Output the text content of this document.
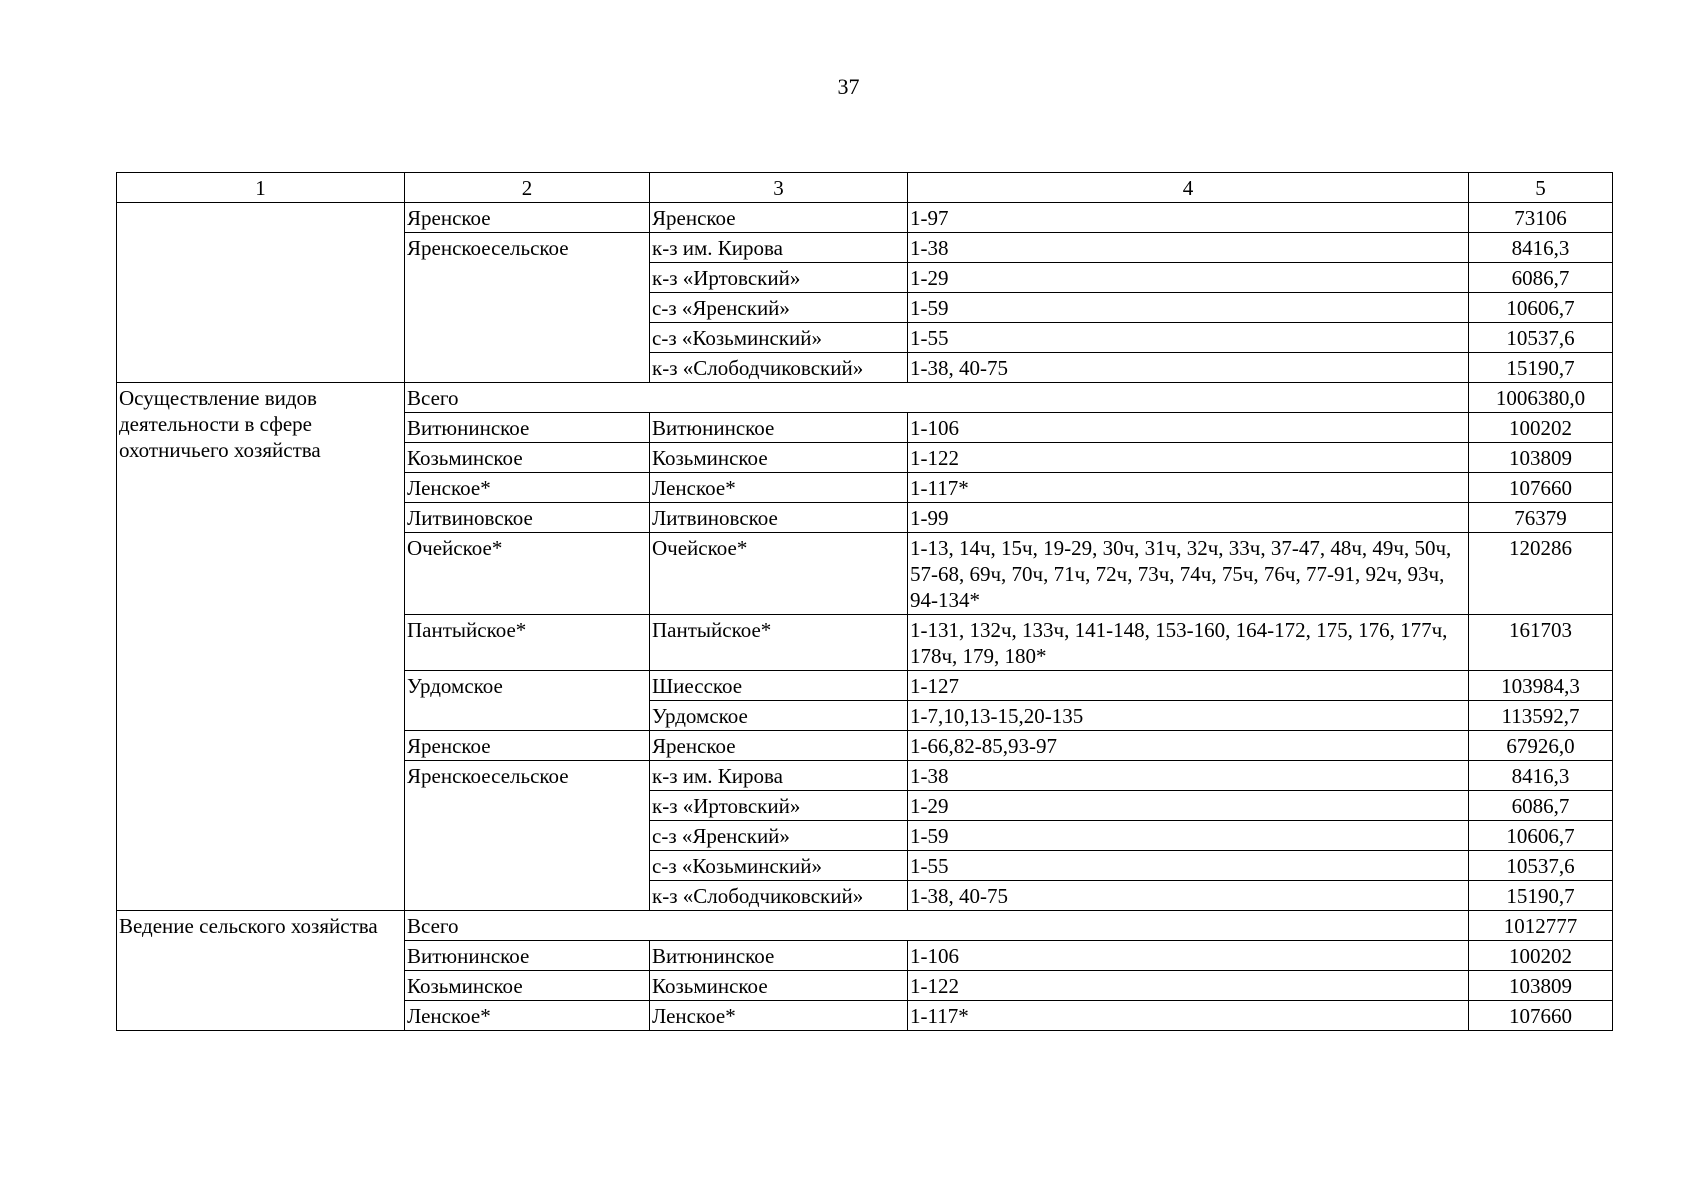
37
1	2	3	4	5
	Яренское	Яренское	1-97	73106
	Яренскоесельское	к-з им. Кирова	1-38	8416,3
		к-з «Иртовский»	1-29	6086,7
		с-з «Яренский»	1-59	10606,7
		с-з «Козьминский»	1-55	10537,6
		к-з «Слободчиковский»	1-38, 40-75	15190,7
Осуществление видов деятельности в сфере охотничьего хозяйства	Всего			1006380,0
	Витюнинское	Витюнинское	1-106	100202
	Козьминское	Козьминское	1-122	103809
	Ленское*	Ленское*	1-117*	107660
	Литвиновское	Литвиновское	1-99	76379
	Очейское*	Очейское*	1-13, 14ч, 15ч, 19-29, 30ч, 31ч, 32ч, 33ч, 37-47, 48ч, 49ч, 50ч, 57-68, 69ч, 70ч, 71ч, 72ч, 73ч, 74ч, 75ч, 76ч, 77-91, 92ч, 93ч, 94-134*	120286
	Пантыйское*	Пантыйское*	1-131, 132ч, 133ч, 141-148, 153-160, 164-172, 175, 176, 177ч, 178ч, 179, 180*	161703
	Урдомское	Шиесское	1-127	103984,3
		Урдомское	1-7,10,13-15,20-135	113592,7
	Яренское	Яренское	1-66,82-85,93-97	67926,0
	Яренскоесельское	к-з им. Кирова	1-38	8416,3
		к-з «Иртовский»	1-29	6086,7
		с-з «Яренский»	1-59	10606,7
		с-з «Козьминский»	1-55	10537,6
		к-з «Слободчиковский»	1-38, 40-75	15190,7
Ведение сельского хозяйства	Всего			1012777
	Витюнинское	Витюнинское	1-106	100202
	Козьминское	Козьминское	1-122	103809
	Ленское*	Ленское*	1-117*	107660
